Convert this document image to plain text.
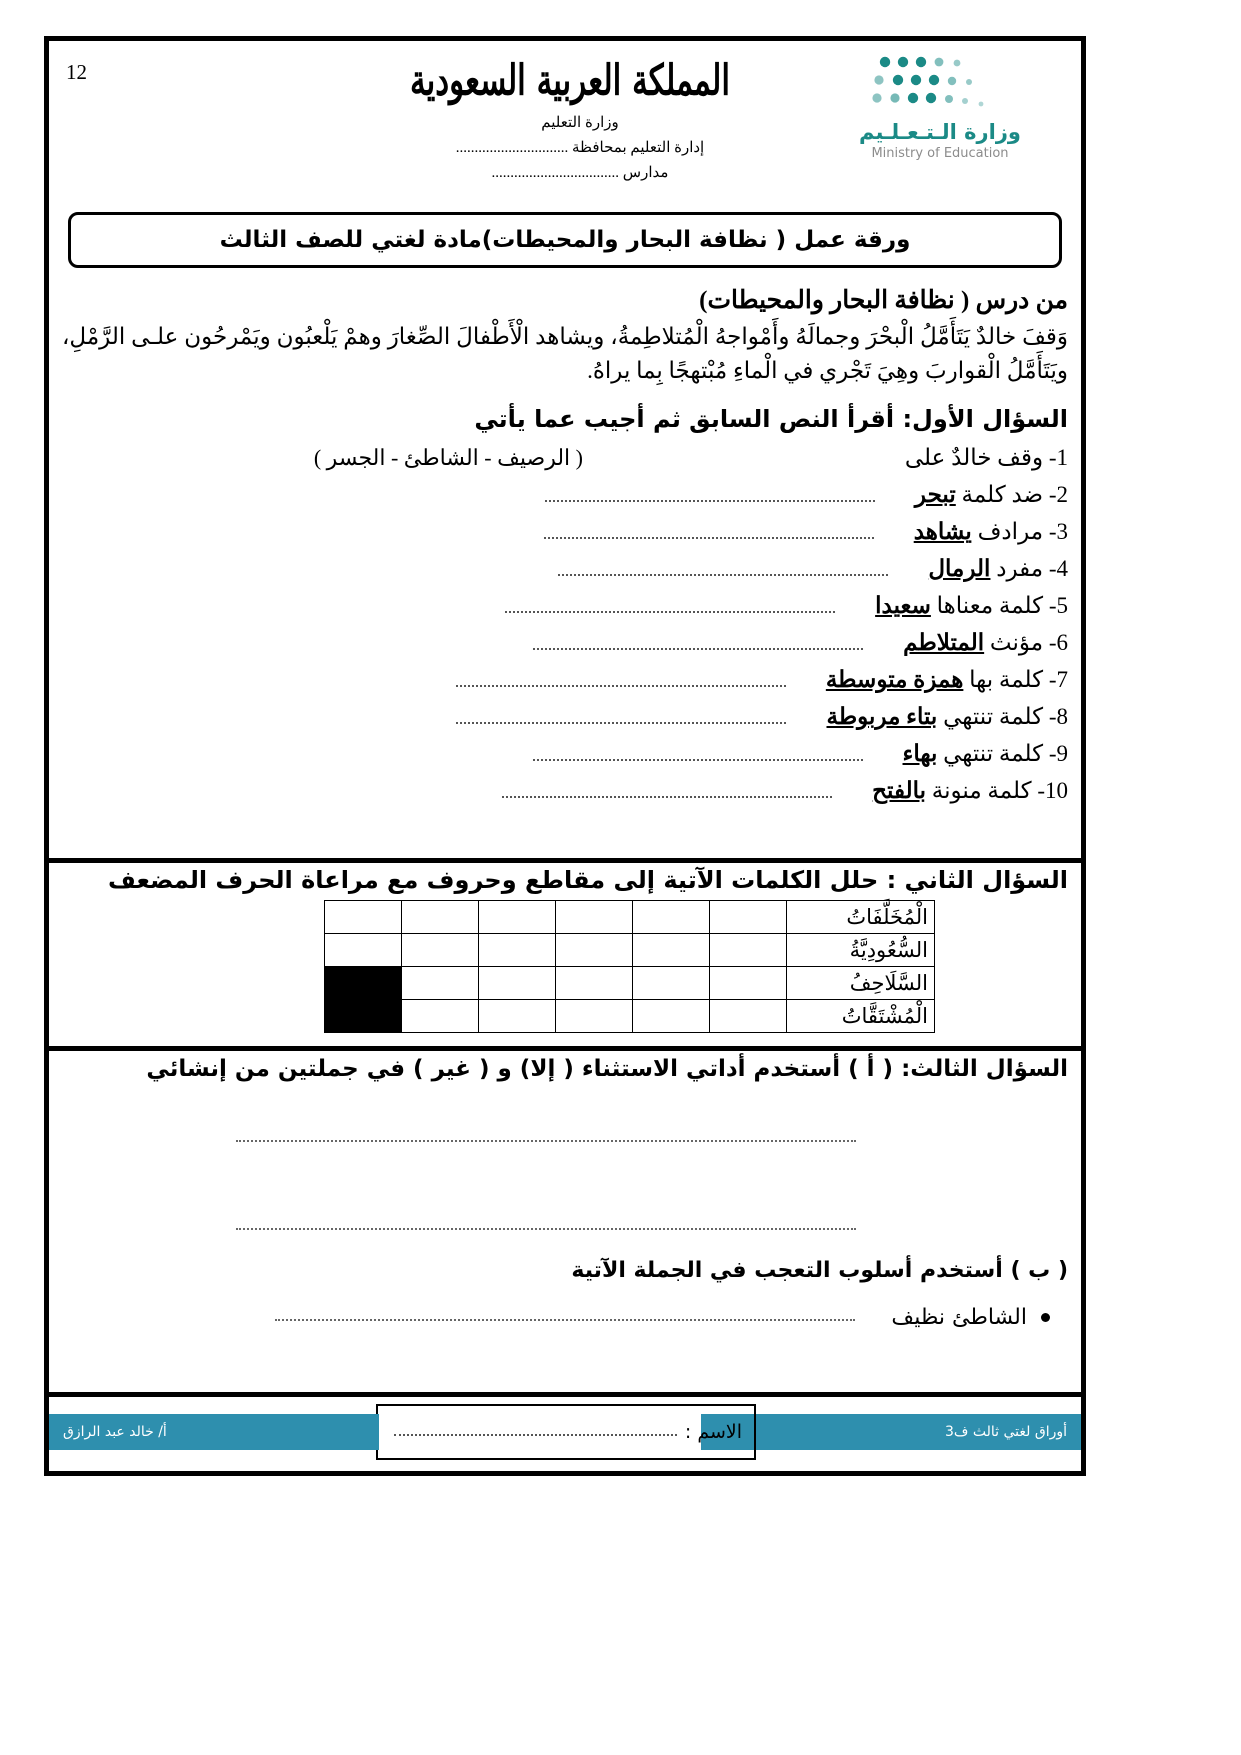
12	المملكة العربية السعودية
وزارة التعليم
إدارة التعليم بمحافظة ..............................
مدارس ..................................
وزارة الـتـعـلـيم
Ministry of Education
ورقة عمل ( نظافة البحار والمحيطات)مادة لغتي للصف الثالث
من درس ( نظافة البحار والمحيطات)
وَقفَ خالدٌ يَتَأَمَّلُ الْبحْرَ وجمالَهُ وأَمْواجهُ الْمُتلاطِمةُ، ويشاهد الْأَطْفالَ الصِّغارَ وهمْ يَلْعبُون ويَمْرحُون علـى الرَّمْلِ، ويَتَأَمَّلُ الْقواربَ وهِيَ تَجْري في الْماءِ مُبْتهجًا بِما يراهُ.
السؤال الأول: أقرأ النص السابق ثم أجيب عما يأتي
1- وقف خالدٌ على
( الرصيف - الشاطئ - الجسر )
2- ضد كلمة تبحر
3- مرادف يشاهد
4- مفرد الرمال
5- كلمة معناها سعيدا
6- مؤنث المتلاطم
7- كلمة بها همزة متوسطة
8- كلمة تنتهي بتاء مربوطة
9- كلمة تنتهي بهاء
10- كلمة منونة بالفتح
السؤال الثاني : حلل الكلمات الآتية إلى مقاطع وحروف مع مراعاة الحرف المضعف
الْمُخَلَّفَاتُ						
السُّعُودِيَّةُ						
السَّلَاحِفُ						
الْمُشْتَقَّاتُ						
السؤال الثالث: ( أ ) أستخدم أداتي الاستثناء ( إلا) و ( غير ) في جملتين من إنشائي
( ب ) أستخدم أسلوب التعجب في الجملة الآتية
الشاطئ نظيف
أوراق لغتي ثالث ف3
الاسم :
أ/ خالد عبد الرازق
